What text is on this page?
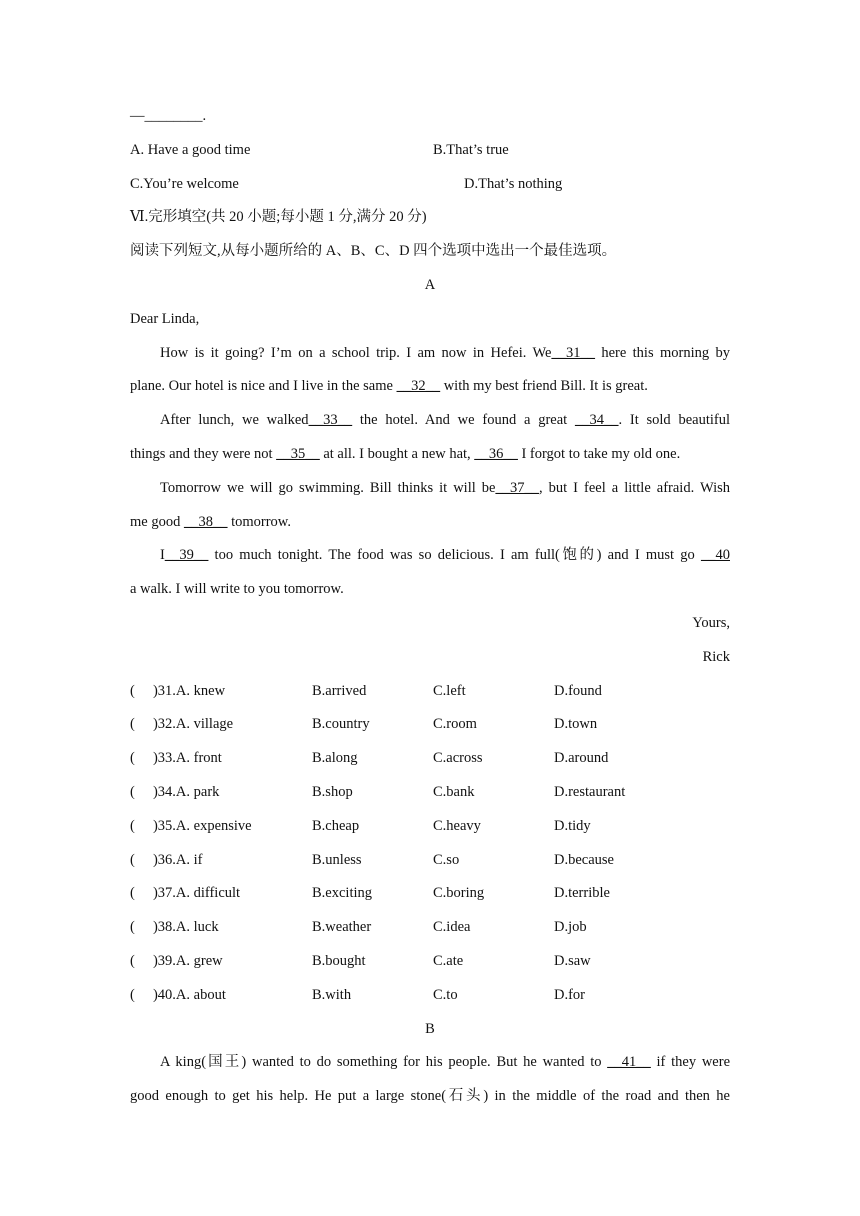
—________.
A. Have a good time	B.That’s true
C.You’re welcome	D.That’s nothing
Ⅵ.完形填空(共 20 小题;每小题 1 分,满分 20 分)
阅读下列短文,从每小题所给的 A、B、C、D 四个选项中选出一个最佳选项。
A
Dear Linda,
How is it going? I’m on a school trip. I am now in Hefei. We__31__ here this morning by
plane. Our hotel is nice and I live in the same __32__ with my best friend Bill. It is great.
After lunch, we walked__33__ the hotel. And we found a great __34__. It sold beautiful
things and they were not __35__ at all. I bought a new hat, __36__ I forgot to take my old one.
Tomorrow we will go swimming. Bill thinks it will be__37__, but I feel a little afraid. Wish
me good __38__ tomorrow.
I__39__ too much tonight. The food was so delicious. I am full(饱的) and I must go __40
a walk. I will write to you tomorrow.
Yours,
Rick
(     )31.A. knew	B.arrived	C.left	D.found
(     )32.A. village	B.country	C.room	D.town
(     )33.A. front	B.along	C.across	D.around
(     )34.A. park	B.shop	C.bank	D.restaurant
(     )35.A. expensive	B.cheap	C.heavy	D.tidy
(     )36.A. if	B.unless	C.so	D.because
(     )37.A. difficult	B.exciting	C.boring	D.terrible
(     )38.A. luck	B.weather	C.idea	D.job
(     )39.A. grew	B.bought	C.ate	D.saw
(     )40.A. about	B.with	C.to	D.for
B
A king(国王) wanted to do something for his people. But he wanted to __41__ if they were
good enough to get his help. He put a large stone(石头) in the middle of the road and then he
